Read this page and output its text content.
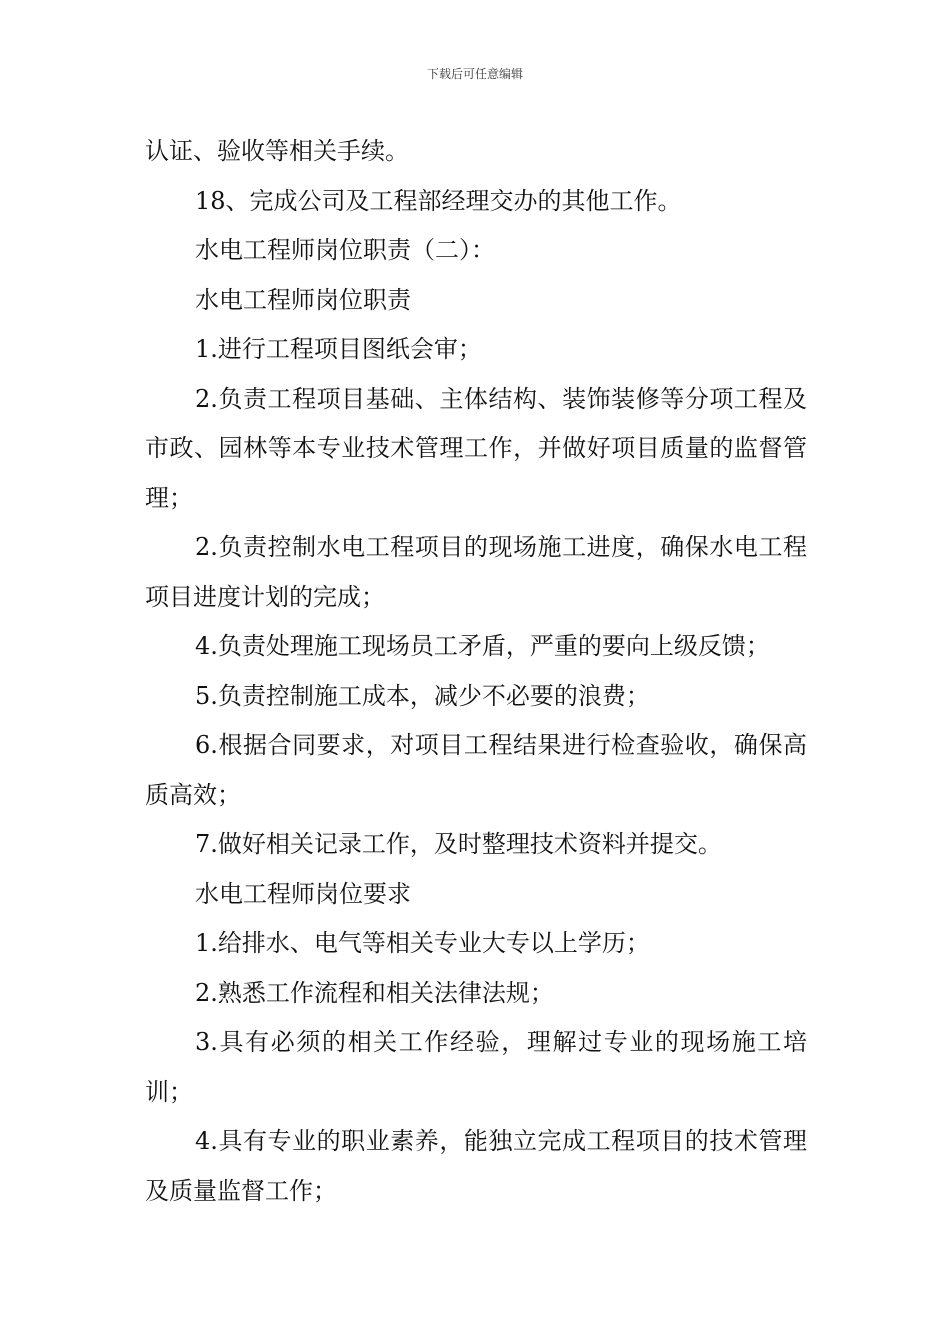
下载后可任意编辑

认证、验收等相关手续。

18、完成公司及工程部经理交办的其他工作。

水电工程师岗位职责（二）：

水电工程师岗位职责

1.进行工程项目图纸会审；

2.负责工程项目基础、主体结构、装饰装修等分项工程及市政、园林等本专业技术管理工作，并做好项目质量的监督管理；

2.负责控制水电工程项目的现场施工进度，确保水电工程项目进度计划的完成；

4.负责处理施工现场员工矛盾，严重的要向上级反馈；

5.负责控制施工成本，减少不必要的浪费；

6.根据合同要求，对项目工程结果进行检查验收，确保高质高效；

7.做好相关记录工作，及时整理技术资料并提交。

水电工程师岗位要求

1.给排水、电气等相关专业大专以上学历；

2.熟悉工作流程和相关法律法规；

3.具有必须的相关工作经验，理解过专业的现场施工培训；

4.具有专业的职业素养，能独立完成工程项目的技术管理及质量监督工作；
